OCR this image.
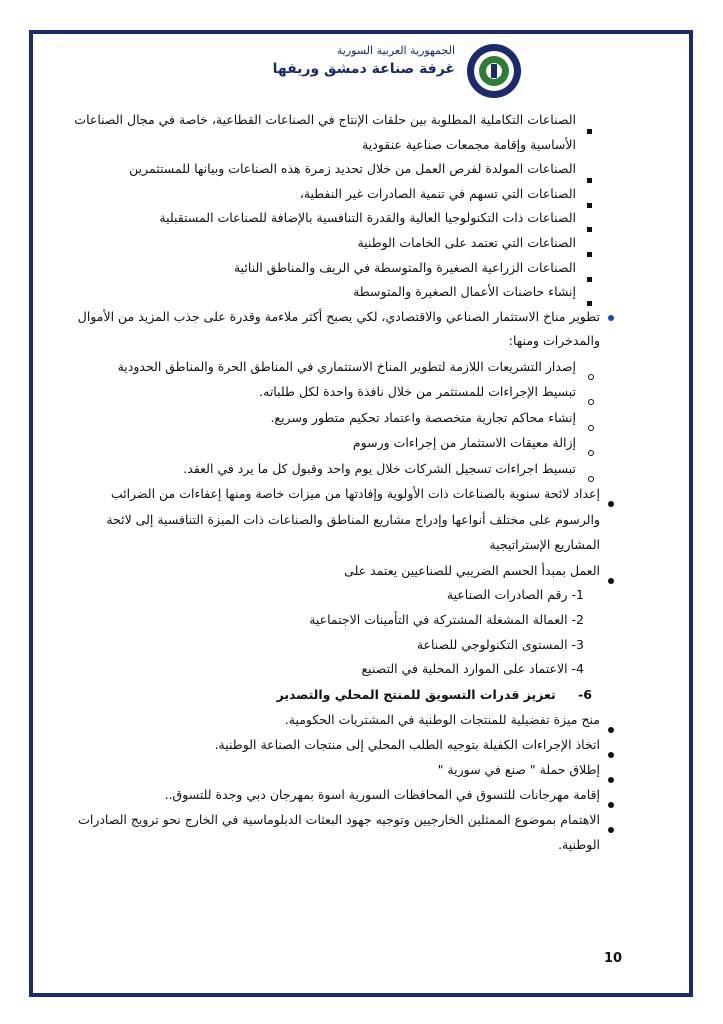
الجمهورية العربية السورية
غرفة صناعة دمشق وريفها
الصناعات التكاملية المطلوبة بين حلقات الإنتاج في الصناعات القطاعية، خاصة في مجال الصناعات الأساسية وإقامة مجمعات صناعية عنقودية
الصناعات المولدة لفرص العمل من خلال تحديد زمرة هذه الصناعات وبيانها للمستثمرين
الصناعات التي تسهم في تنمية الصادرات غير النفطية،
الصناعات ذات التكنولوجيا العالية والقدرة التنافسية بالإضافة للصناعات المستقبلية
الصناعات التي تعتمد على الخامات الوطنية
الصناعات الزراعية الصغيرة والمتوسطة في الريف والمناطق النائية
إنشاء حاضنات الأعمال الصغيرة والمتوسطة
تطوير مناخ الاستثمار الصناعي والاقتصادي، لكي يصبح أكثر ملاءمة وقدرة على جذب المزيد من الأموال والمدخرات ومنها:
إصدار التشريعات اللازمة لتطوير المناخ الاستثماري في المناطق الحرة والمناطق الحدودية
تبسيط الإجراءات للمستثمر من خلال نافذة واحدة لكل طلباته.
إنشاء محاكم تجارية متخصصة واعتماد تحكيم متطور وسريع.
إزالة معيقات الاستثمار من إجراءات ورسوم
تبسيط اجراءات تسجيل الشركات خلال يوم واحد وقبول كل ما يرد في العقد.
إعداد لائحة سنوية بالصناعات ذات الأولوية وإفادتها من ميزات خاصة ومنها إعفاءات من الضرائب والرسوم على مختلف أنواعها وإدراج مشاريع المناطق والصناعات ذات الميزة التنافسية إلى لائحة المشاريع الإستراتيجية
العمل بمبدأ الحسم الضريبي للصناعيين يعتمد على
1- رقم الصادرات الصناعية
2- العمالة المشغلة المشتركة في التأمينات الاجتماعية
3- المستوى التكنولوجي للصناعة
4- الاعتماد على الموارد المحلية في التصنيع
6- تعزيز قدرات التسويق للمنتج المحلي والتصدير
منح ميزة تفضيلية للمنتجات الوطنية في المشتريات الحكومية.
اتخاذ الإجراءات الكفيلة بتوجيه الطلب المحلي إلى منتجات الصناعة الوطنية.
إطلاق حملة " صنع في سورية "
إقامة مهرجانات للتسوق في المحافظات السورية اسوة بمهرجان دبي وجدة للتسوق..
الاهتمام بموضوع الممثلين الخارجيين وتوجيه جهود البعثات الدبلوماسية في الخارج نحو ترويج الصادرات الوطنية.
10
